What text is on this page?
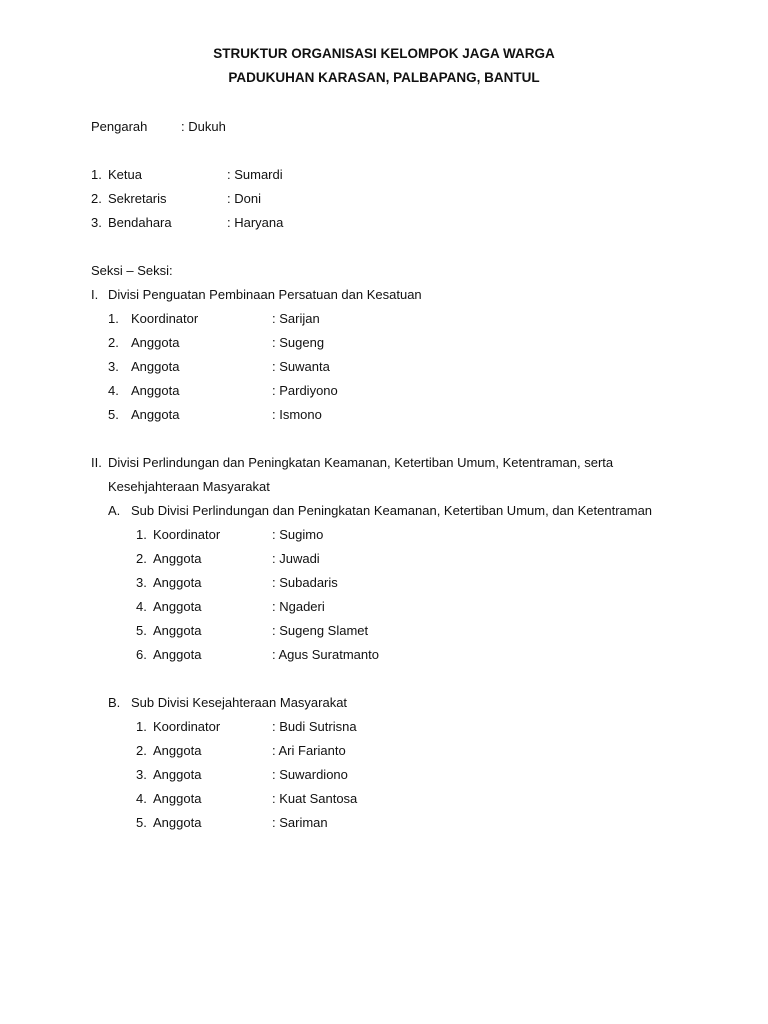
STRUKTUR ORGANISASI KELOMPOK JAGA WARGA
PADUKUHAN KARASAN, PALBAPANG, BANTUL
Pengarah	: Dukuh
1. Ketua	: Sumardi
2. Sekretaris	: Doni
3. Bendahara	: Haryana
Seksi – Seksi:
I. Divisi Penguatan Pembinaan Persatuan dan Kesatuan
1. Koordinator	: Sarijan
2. Anggota	: Sugeng
3. Anggota	: Suwanta
4. Anggota	: Pardiyono
5. Anggota	: Ismono
II. Divisi Perlindungan dan Peningkatan Keamanan, Ketertiban Umum, Ketentraman, serta
Kesehjahteraan Masyarakat
A. Sub Divisi Perlindungan dan Peningkatan Keamanan, Ketertiban Umum, dan Ketentraman
1. Koordinator	: Sugimo
2. Anggota	: Juwadi
3. Anggota	: Subadaris
4. Anggota	: Ngaderi
5. Anggota	: Sugeng Slamet
6. Anggota	: Agus Suratmanto
B. Sub Divisi Kesejahteraan Masyarakat
1. Koordinator	: Budi Sutrisna
2. Anggota	: Ari Farianto
3. Anggota	: Suwardiono
4. Anggota	: Kuat Santosa
5. Anggota	: Sariman
